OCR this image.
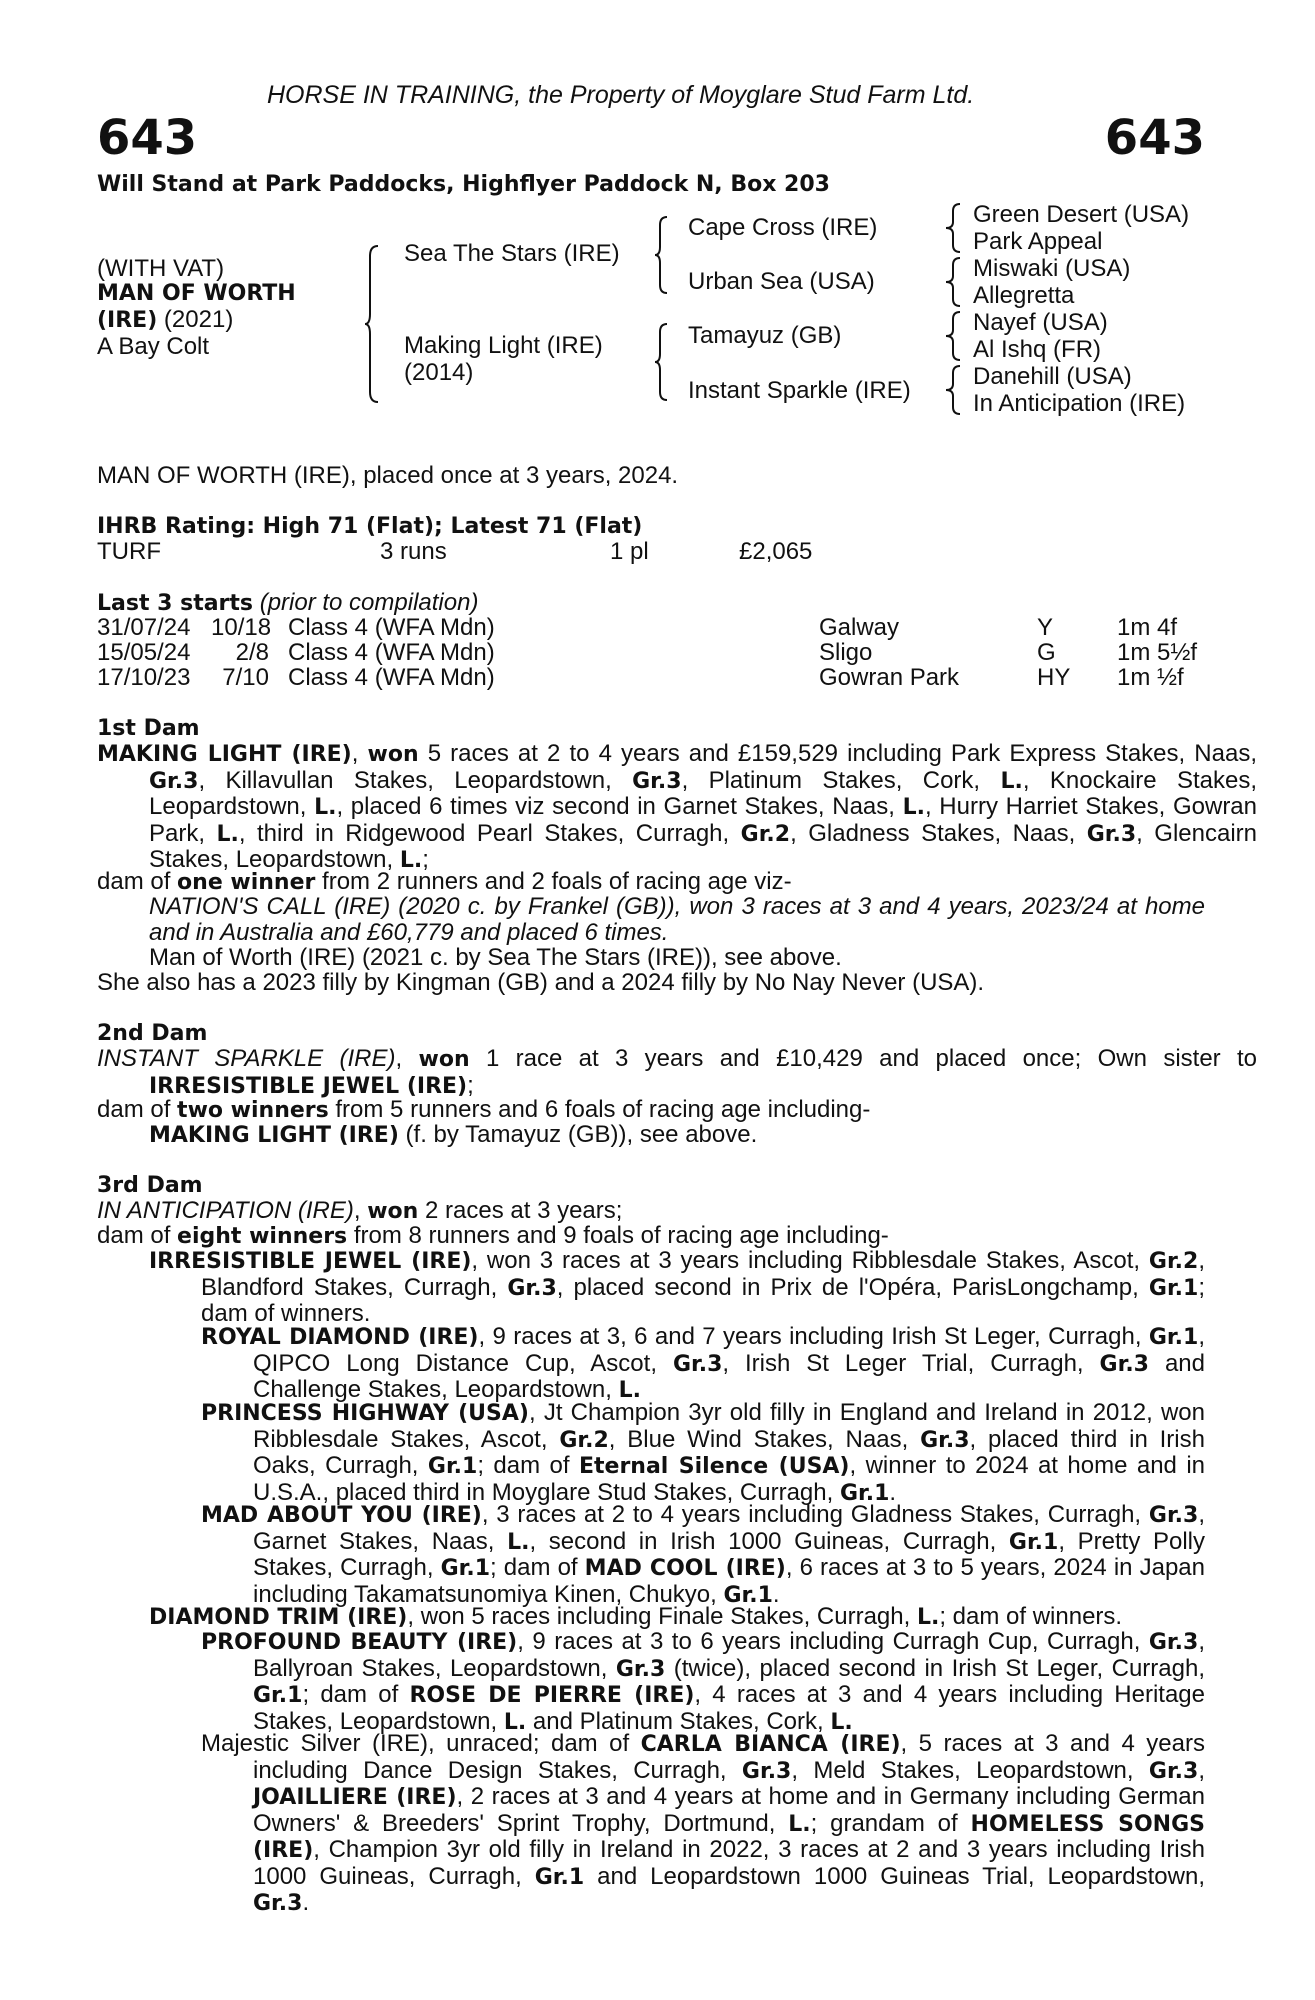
HORSE IN TRAINING, the Property of Moyglare Stud Farm Ltd.
643	643
Will Stand at Park Paddocks, Highflyer Paddock N, Box 203
(WITH VAT)
MAN OF WORTH
(IRE) (2021)
A Bay Colt
Sea The Stars (IRE)
Making Light (IRE)
(2014)
Cape Cross (IRE)
Urban Sea (USA)
Tamayuz (GB)
Instant Sparkle (IRE)
Green Desert (USA)
Park Appeal
Miswaki (USA)
Allegretta
Nayef (USA)
Al Ishq (FR)
Danehill (USA)
In Anticipation (IRE)
MAN OF WORTH (IRE), placed once at 3 years, 2024.
IHRB Rating: High 71 (Flat); Latest 71 (Flat)
TURF	3 runs	1 pl	£2,065
Last 3 starts (prior to compilation)
31/07/24 10/18 Class 4 (WFA Mdn)	Galway	Y	1m 4f
15/05/24	2/8 Class 4 (WFA Mdn)	Sligo	G	1m 5½f
17/10/23	7/10 Class 4 (WFA Mdn)	Gowran Park	HY 1m ½f
1st Dam
MAKING LIGHT (IRE), won 5 races at 2 to 4 years and £159,529 including Park Express Stakes, Naas, Gr.3, Killavullan Stakes, Leopardstown, Gr.3, Platinum Stakes, Cork, L., Knockaire Stakes, Leopardstown, L., placed 6 times viz second in Garnet Stakes, Naas, L., Hurry Harriet Stakes, Gowran Park, L., third in Ridgewood Pearl Stakes, Curragh, Gr.2, Gladness Stakes, Naas, Gr.3, Glencairn Stakes, Leopardstown, L.;
dam of one winner from 2 runners and 2 foals of racing age viz-
NATION'S CALL (IRE) (2020 c. by Frankel (GB)), won 3 races at 3 and 4 years, 2023/24 at home and in Australia and £60,779 and placed 6 times.
Man of Worth (IRE) (2021 c. by Sea The Stars (IRE)), see above.
She also has a 2023 filly by Kingman (GB) and a 2024 filly by No Nay Never (USA).
2nd Dam
INSTANT SPARKLE (IRE), won 1 race at 3 years and £10,429 and placed once; Own sister to IRRESISTIBLE JEWEL (IRE);
dam of two winners from 5 runners and 6 foals of racing age including-
MAKING LIGHT (IRE) (f. by Tamayuz (GB)), see above.
3rd Dam
IN ANTICIPATION (IRE), won 2 races at 3 years;
dam of eight winners from 8 runners and 9 foals of racing age including-
IRRESISTIBLE JEWEL (IRE), won 3 races at 3 years including Ribblesdale Stakes, Ascot, Gr.2, Blandford Stakes, Curragh, Gr.3, placed second in Prix de l'Opéra, ParisLongchamp, Gr.1; dam of winners.
ROYAL DIAMOND (IRE), 9 races at 3, 6 and 7 years including Irish St Leger, Curragh, Gr.1, QIPCO Long Distance Cup, Ascot, Gr.3, Irish St Leger Trial, Curragh, Gr.3 and Challenge Stakes, Leopardstown, L.
PRINCESS HIGHWAY (USA), Jt Champion 3yr old filly in England and Ireland in 2012, won Ribblesdale Stakes, Ascot, Gr.2, Blue Wind Stakes, Naas, Gr.3, placed third in Irish Oaks, Curragh, Gr.1; dam of Eternal Silence (USA), winner to 2024 at home and in U.S.A., placed third in Moyglare Stud Stakes, Curragh, Gr.1.
MAD ABOUT YOU (IRE), 3 races at 2 to 4 years including Gladness Stakes, Curragh, Gr.3, Garnet Stakes, Naas, L., second in Irish 1000 Guineas, Curragh, Gr.1, Pretty Polly Stakes, Curragh, Gr.1; dam of MAD COOL (IRE), 6 races at 3 to 5 years, 2024 in Japan including Takamatsunomiya Kinen, Chukyo, Gr.1.
DIAMOND TRIM (IRE), won 5 races including Finale Stakes, Curragh, L.; dam of winners.
PROFOUND BEAUTY (IRE), 9 races at 3 to 6 years including Curragh Cup, Curragh, Gr.3, Ballyroan Stakes, Leopardstown, Gr.3 (twice), placed second in Irish St Leger, Curragh, Gr.1; dam of ROSE DE PIERRE (IRE), 4 races at 3 and 4 years including Heritage Stakes, Leopardstown, L. and Platinum Stakes, Cork, L.
Majestic Silver (IRE), unraced; dam of CARLA BIANCA (IRE), 5 races at 3 and 4 years including Dance Design Stakes, Curragh, Gr.3, Meld Stakes, Leopardstown, Gr.3, JOAILLIERE (IRE), 2 races at 3 and 4 years at home and in Germany including German Owners' & Breeders' Sprint Trophy, Dortmund, L.; grandam of HOMELESS SONGS (IRE), Champion 3yr old filly in Ireland in 2022, 3 races at 2 and 3 years including Irish 1000 Guineas, Curragh, Gr.1 and Leopardstown 1000 Guineas Trial, Leopardstown, Gr.3.
